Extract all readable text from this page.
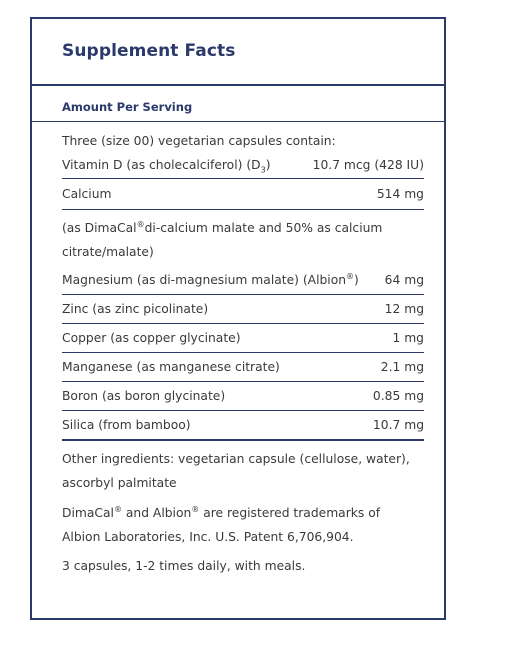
Supplement Facts
Amount Per Serving
Three (size 00) vegetarian capsules contain:
Vitamin D (as cholecalciferol) $(D_3)$	10.7 mcg (428 IU)
Calcium	514 mg
(as DimaCal®di-calcium malate and 50% as calcium
citrate/malate)
Magnesium (as di-magnesium malate) (Albion®) 64 mg
Zinc (as zinc picolinate)	12 mg
Copper (as copper glycinate)	1 mg
Manganese (as manganese citrate)	2.1 mg
Boron (as boron glycinate)	0.85 mg
Silica (from bamboo)	10.7 mg
Other ingredients: vegetarian capsule (cellulose, water),
ascorbyl palmitate
DimaCal® and Albion® are registered trademarks of
Albion Laboratories, Inc. U.S. Patent 6,706,904.
3 capsules, 1-2 times daily, with meals.
